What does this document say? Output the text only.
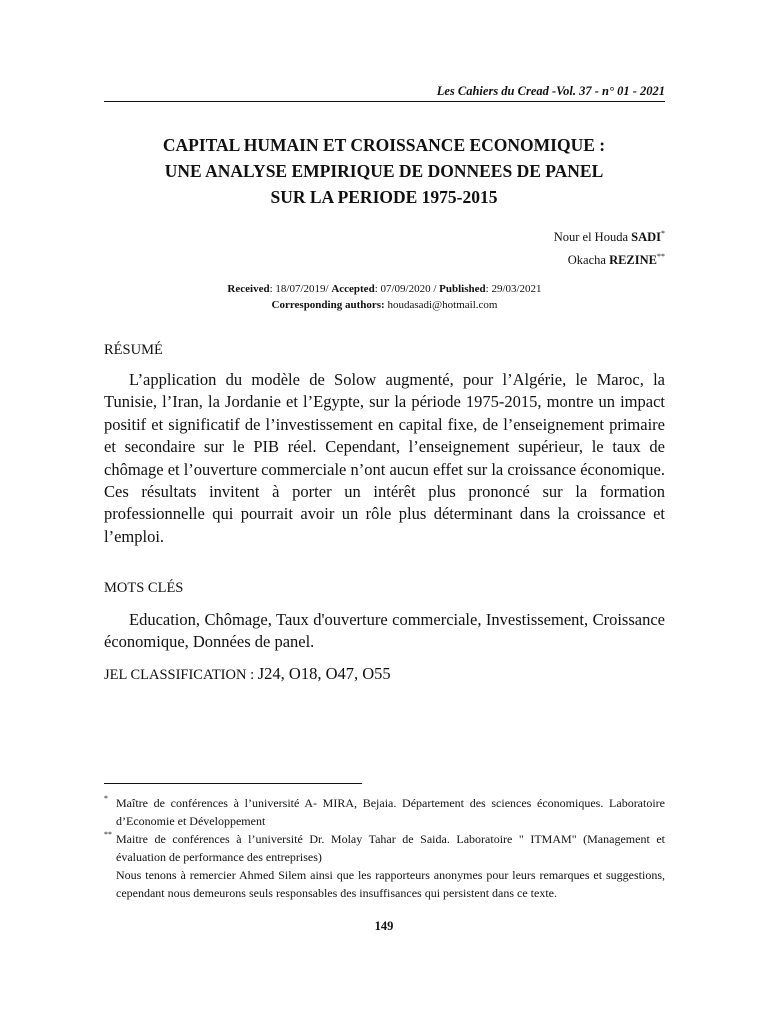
Les Cahiers du Cread -Vol. 37 - n° 01 - 2021
CAPITAL HUMAIN ET CROISSANCE ECONOMIQUE :
UNE ANALYSE EMPIRIQUE DE DONNEES DE PANEL
SUR LA PERIODE 1975-2015
Nour el Houda SADI*
Okacha REZINE**
Received: 18/07/2019/ Accepted: 07/09/2020 / Published: 29/03/2021
Corresponding authors: houdasadi@hotmail.com
RÉSUMÉ

L’application du modèle de Solow augmenté, pour l’Algérie, le Maroc, la Tunisie, l’Iran, la Jordanie et l’Egypte, sur la période 1975-2015, montre un impact positif et significatif de l’investissement en capital fixe, de l’enseignement primaire et secondaire sur le PIB réel. Cependant, l’enseignement supérieur, le taux de chômage et l’ouverture commerciale n’ont aucun effet sur la croissance économique. Ces résultats invitent à porter un intérêt plus prononcé sur la formation professionnelle qui pourrait avoir un rôle plus déterminant dans la croissance et l’emploi.

MOTS CLÉS

Education, Chômage, Taux d'ouverture commerciale, Investissement, Croissance économique, Données de panel.

JEL CLASSIFICATION : J24, O18, O47, O55
* Maître de conférences à l’université A- MIRA, Bejaia. Département des sciences économiques. Laboratoire d’Economie et Développement
** Maitre de conférences à l’université Dr. Molay Tahar de Saida. Laboratoire " ITMAM" (Management et évaluation de performance des entreprises)
Nous tenons à remercier Ahmed Silem ainsi que les rapporteurs anonymes pour leurs remarques et suggestions, cependant nous demeurons seuls responsables des insuffisances qui persistent dans ce texte.
149
